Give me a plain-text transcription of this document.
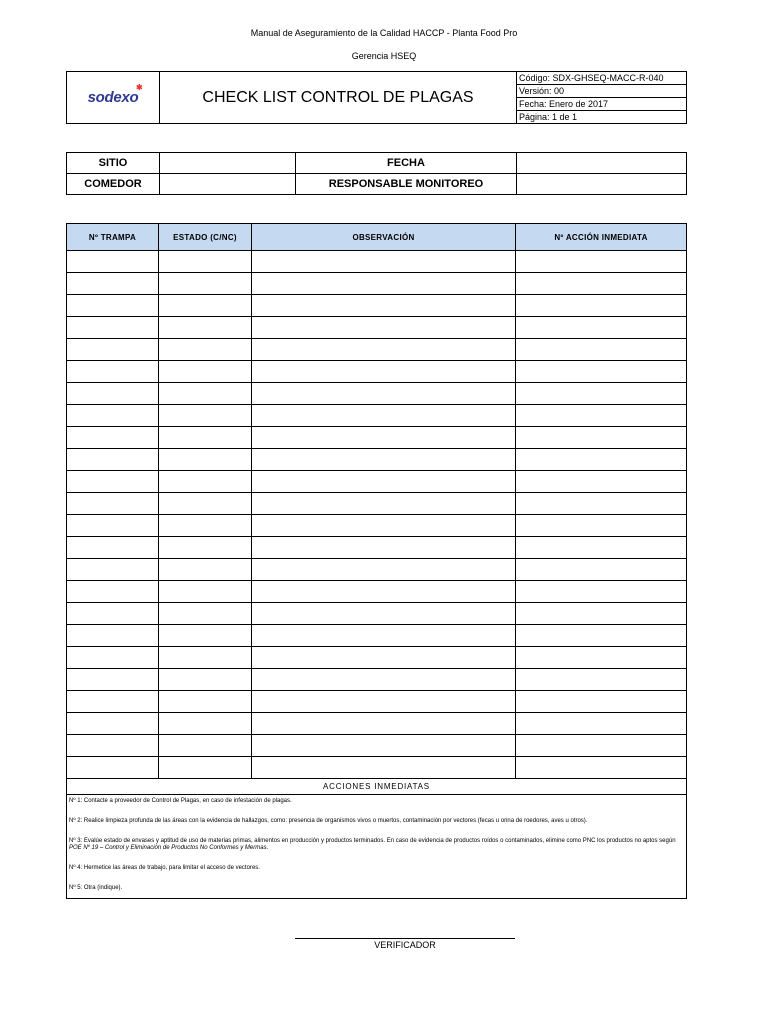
Manual de Aseguramiento de la Calidad HACCP - Planta Food Pro
Gerencia HSEQ
sodexo
✱
	CHECK LIST CONTROL DE PLAGAS	Código: SDX-GHSEQ-MACC-R-040
Versión: 00
Fecha: Enero de 2017
Página: 1 de 1
SITIO		FECHA	
COMEDOR		RESPONSABLE MONITOREO	
Nº TRAMPA	ESTADO (C/NC)	OBSERVACIÓN	Nº ACCIÓN INMEDIATA

ACCIONES INMEDIATAS			

Nº 1: Contacte a proveedor de Control de Plagas, en caso de infestación de plagas.
Nº 2: Realice limpieza profunda de las áreas con la evidencia de hallazgos, como: presencia de organismos vivos o muertos, contaminación por vectores (fecas u orina de roedores, aves u otros).
Nº 3: Evalúe estado de envases y aptitud de uso de materias primas, alimentos en producción y productos terminados. En caso de evidencia de productos roídos o contaminados, elimine como PNC los productos no aptos según POE Nº 19 – Control y Eliminación de Productos No Conformes y Mermas.
Nº 4: Hermetice las áreas de trabajo, para limitar el acceso de vectores.
Nº 5: Otra (indique).			
VERIFICADOR
